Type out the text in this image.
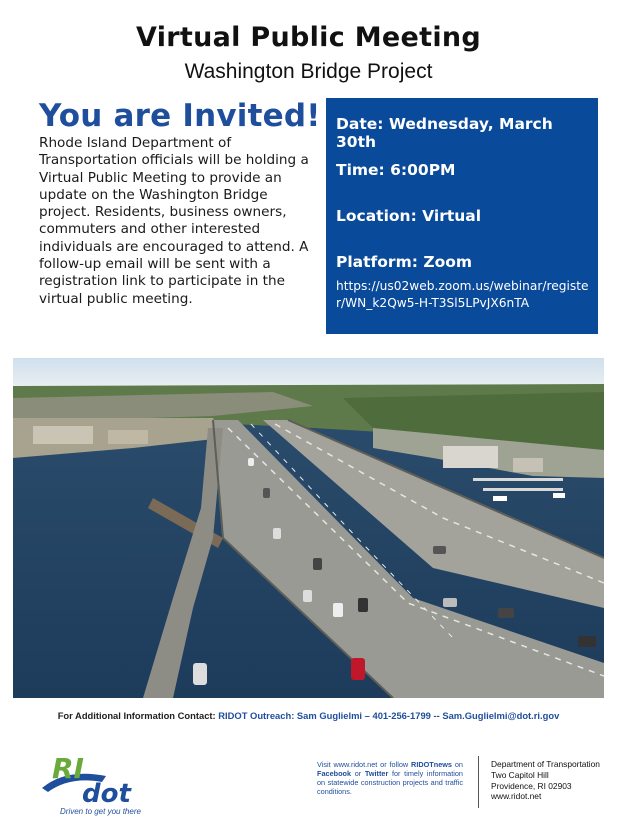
Virtual Public Meeting
Washington Bridge Project
You are Invited!
Rhode Island Department of Transportation officials will be holding a Virtual Public Meeting to provide an update on the Washington Bridge project. Residents, business owners, commuters and other interested individuals are encouraged to attend. A follow-up email will be sent with a registration link to participate in the virtual public meeting.
Date: Wednesday, March 30th
Time: 6:00PM
Location: Virtual
Platform: Zoom
https://us02web.zoom.us/webinar/register/WN_k2Qw5-H-T3Sl5LPvJX6nTA
For Additional Information Contact: RIDOT Outreach: Sam Guglielmi – 401-256-1799 -- Sam.Guglielmi@dot.ri.gov
RI
dot
Driven to get you there
Visit www.ridot.net or follow RIDOTnews on Facebook or Twitter for timely information on statewide construction projects and traffic conditions.
Department of Transportation
Two Capitol Hill
Providence, RI 02903
www.ridot.net
